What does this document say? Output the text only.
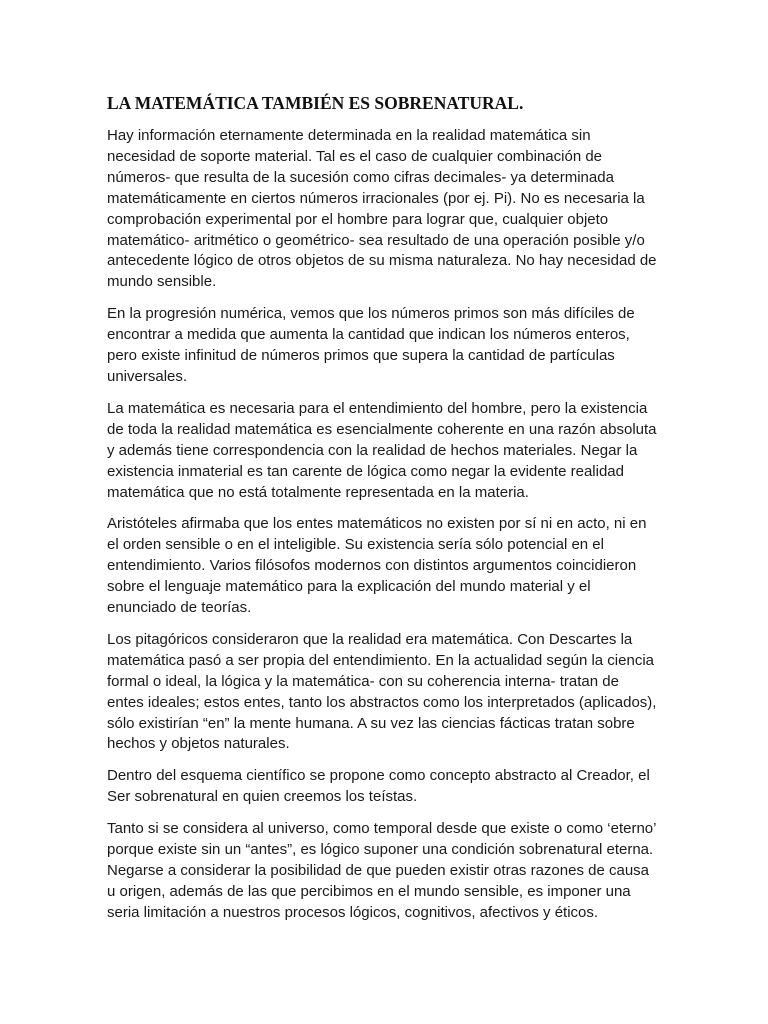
LA MATEMÁTICA TAMBIÉN ES SOBRENATURAL.

Hay información eternamente determinada en la realidad matemática sin
necesidad de soporte material. Tal es el caso de cualquier combinación de
números- que resulta de la sucesión como cifras decimales- ya determinada
matemáticamente en ciertos números irracionales (por ej. Pi). No es necesaria la
comprobación experimental por el hombre para lograr que, cualquier objeto
matemático- aritmético o geométrico- sea resultado de una operación posible y/o
antecedente lógico de otros objetos de su misma naturaleza. No hay necesidad de
mundo sensible.

En la progresión numérica, vemos que los números primos son más difíciles de
encontrar a medida que aumenta la cantidad que indican los números enteros,
pero existe infinitud de números primos que supera la cantidad de partículas
universales.

La matemática es necesaria para el entendimiento del hombre, pero la existencia
de toda la realidad matemática es esencialmente coherente en una razón absoluta
y además tiene correspondencia con la realidad de hechos materiales. Negar la
existencia inmaterial es tan carente de lógica como negar la evidente realidad
matemática que no está totalmente representada en la materia.

Aristóteles afirmaba que los entes matemáticos no existen por sí ni en acto, ni en
el orden sensible o en el inteligible. Su existencia sería sólo potencial en el
entendimiento. Varios filósofos modernos con distintos argumentos coincidieron
sobre el lenguaje matemático para la explicación del mundo material y el
enunciado de teorías.

Los pitagóricos consideraron que la realidad era matemática. Con Descartes la
matemática pasó a ser propia del entendimiento. En la actualidad según la ciencia
formal o ideal, la lógica y la matemática- con su coherencia interna- tratan de
entes ideales; estos entes, tanto los abstractos como los interpretados (aplicados),
sólo existirían “en” la mente humana. A su vez las ciencias fácticas tratan sobre
hechos y objetos naturales.

Dentro del esquema científico se propone como concepto abstracto al Creador, el
Ser sobrenatural en quien creemos los teístas.

Tanto si se considera al universo, como temporal desde que existe o como ‘eterno’
porque existe sin un “antes”, es lógico suponer una condición sobrenatural eterna.
Negarse a considerar la posibilidad de que pueden existir otras razones de causa
u origen, además de las que percibimos en el mundo sensible, es imponer una
seria limitación a nuestros procesos lógicos, cognitivos, afectivos y éticos.
